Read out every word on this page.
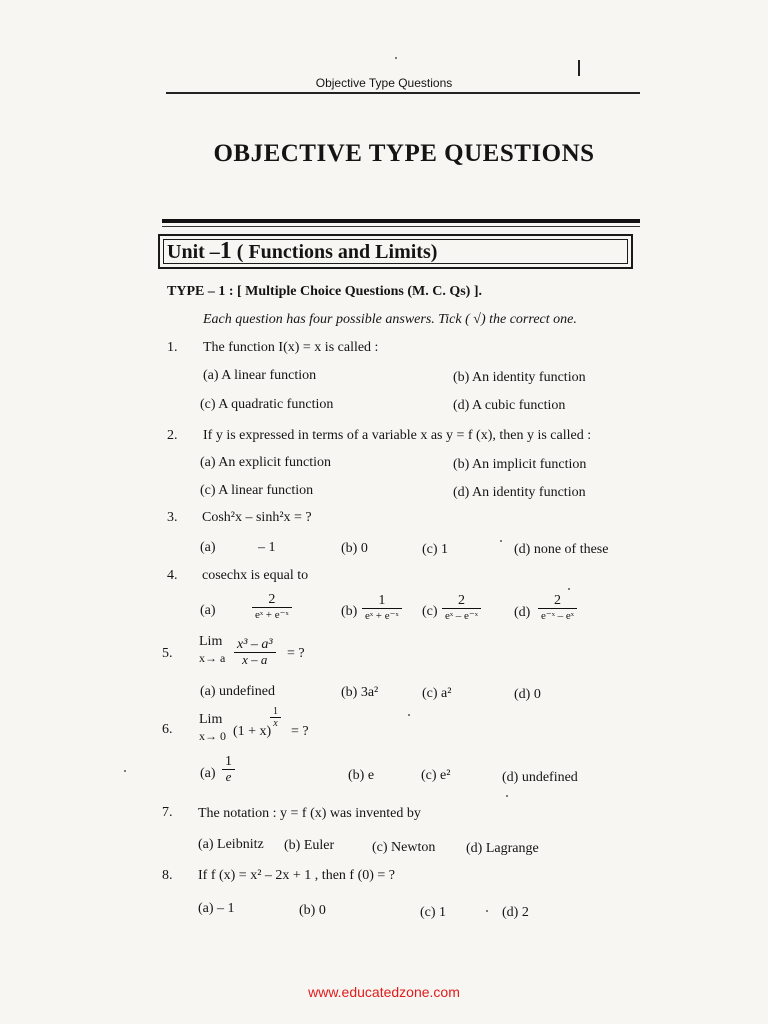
Objective Type Questions
OBJECTIVE TYPE QUESTIONS
Unit –1 ( Functions and Limits)
TYPE – 1 : [ Multiple Choice Questions (M. C. Qs) ].
Each question has four possible answers. Tick ( √) the correct one.
1. The function I(x) = x is called :
(a) A linear function	(b) An identity function
(c) A quadratic function	(d) A cubic function
2. If y is expressed in terms of a variable x as y = f (x), then y is called :
(a) An explicit function	(b) An implicit function
(c) A linear function	(d) An identity function
3. Cosh²x – sinh²x = ?
(a)	– 1	(b) 0	(c) 1	(d) none of these
4. cosechx is equal to
(a)	$\frac{2}{\text{eˣ + e⁻ˣ}}$	$(b) \frac{1}{\text{eˣ + e⁻ˣ}} (c) \frac{2}{\text{eˣ – e⁻ˣ}} (d) \frac{2}{\text{e⁻ˣ – eˣ}}$
5.
Lim
x→ a $\frac{\text{x³ – a³}}{x - a}$ = ?
(a) undefined	(b) 3a²	(c) a²	(d) 0
6.
Lim
x→ 0 (1 + x)
$\frac{1}{x}$
= ?
$(a) \frac{1}{e}$	(b) e	(c) e²	(d) undefined
7. The notation : y = f (x) was invented by
(a) Leibnitz (b) Euler	(c) Newton (d) Lagrange
8. If f (x) = x² – 2x + 1 , then f (0) = ?
(a) – 1	(b) 0	(c) 1	(d) 2
www.educatedzone.com
